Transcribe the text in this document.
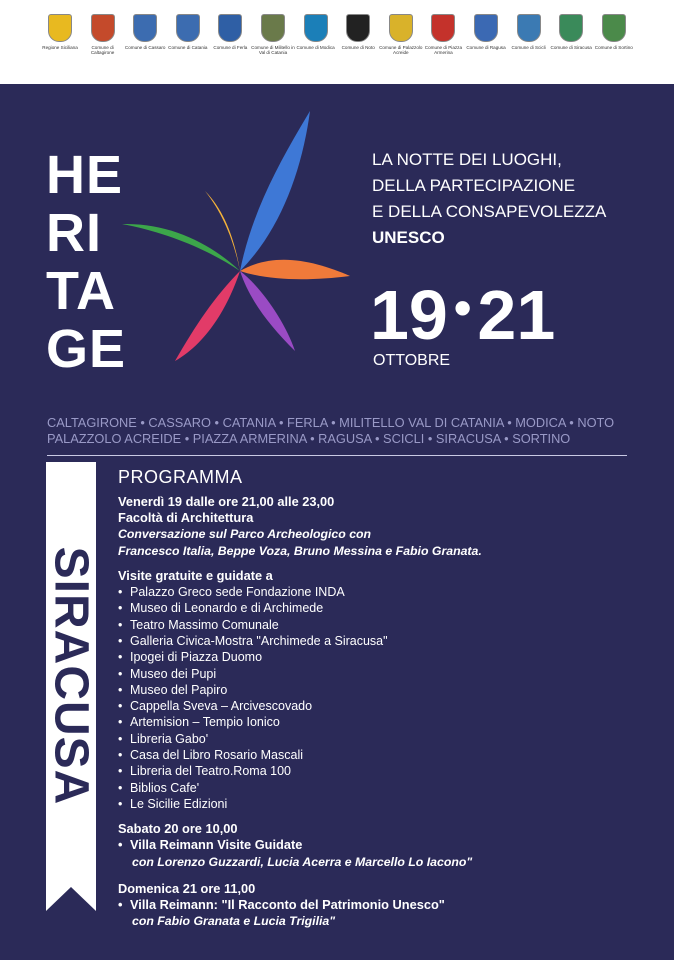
HE
RI
TA
GE
LA NOTTE DEI LUOGHI,
DELLA PARTECIPAZIONE
E DELLA CONSAPEVOLEZZA
UNESCO
19 •21
OTTOBRE
CALTAGIRONE • CASSARO • CATANIA • FERLA • MILITELLO VAL DI CATANIA • MODICA • NOTO
PALAZZOLO ACREIDE • PIAZZA ARMERINA • RAGUSA • SCICLI • SIRACUSA • SORTINO
SIRACUSA
PROGRAMMA
Venerdì 19 dalle ore 21,00 alle 23,00
Facoltà di Architettura
Conversazione sul Parco Archeologico con
Francesco Italia, Beppe Voza, Bruno Messina e Fabio Granata.
Visite gratuite e guidate a
• Palazzo Greco sede Fondazione INDA
• Museo di Leonardo e di Archimede
• Teatro Massimo Comunale
• Galleria Civica-Mostra "Archimede a Siracusa"
• Ipogei di Piazza Duomo
• Museo dei Pupi
• Museo del Papiro
• Cappella Sveva – Arcivescovado
• Artemision – Tempio Ionico
• Libreria Gabo'
• Casa del Libro Rosario Mascali
• Libreria del Teatro.Roma 100
• Biblios Cafe'
• Le Sicilie Edizioni
Sabato 20 ore 10,00
• Villa Reimann Visite Guidate
con Lorenzo Guzzardi, Lucia Acerra e Marcello Lo Iacono"
Domenica 21 ore 11,00
• Villa Reimann: "Il Racconto del Patrimonio Unesco"
con Fabio Granata e Lucia Trigilia"
Regione Siciliana	Comune di Caltagirone
Comune di Cassaro Comune di Catania	Comune di Ferla Comune di Militello in Val di Catania
Comune di Modica	Comune di Noto Comune di Palazzolo Acreide
Comune di Piazza Armerina
Comune di Ragusa	Comune di Scicli	Comune di Siracusa Comune di Sortino
